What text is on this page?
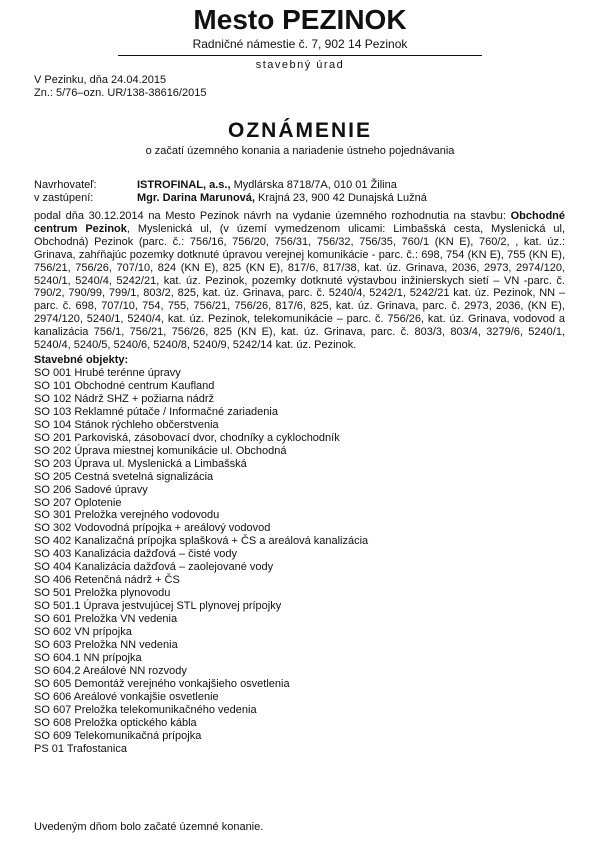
Mesto PEZINOK
Radničné námestie č. 7, 902 14 Pezinok
stavebný úrad
V Pezinku, dňa 24.04.2015
Zn.: 5/76–ozn. UR/138-38616/2015
OZNÁMENIE
o začatí územného konania a nariadenie ústneho pojednávania
Navrhovateľ:	ISTROFINAL, a.s., Mydlárska 8718/7A, 010 01 Žilina
v zastúpení:	Mgr. Darina Marunová, Krajná 23, 900 42 Dunajská Lužná
podal dňa 30.12.2014 na Mesto Pezinok návrh na vydanie územného rozhodnutia na stavbu: Obchodné centrum Pezinok, Myslenická ul, (v území vymedzenom ulicami: Limbašská cesta, Myslenická ul, Obchodná) Pezinok (parc. č.: 756/16, 756/20, 756/31, 756/32, 756/35, 760/1 (KN E), 760/2, , kat. úz.: Grinava, zahŕňajúc pozemky dotknuté úpravou verejnej komunikácie - parc. č.: 698, 754 (KN E), 755 (KN E), 756/21, 756/26, 707/10, 824 (KN E), 825 (KN E), 817/6, 817/38, kat. úz. Grinava, 2036, 2973, 2974/120, 5240/1, 5240/4, 5242/21, kat. úz. Pezinok, pozemky dotknuté výstavbou inžinierskych sietí – VN -parc. č. 790/2, 790/99, 799/1, 803/2, 825, kat. úz. Grinava, parc. č. 5240/4, 5242/1, 5242/21 kat. úz. Pezinok, NN – parc. č. 698, 707/10, 754, 755, 756/21, 756/26, 817/6, 825, kat. úz. Grinava, parc. č. 2973, 2036, (KN E), 2974/120, 5240/1, 5240/4, kat. úz. Pezinok, telekomunikácie – parc. č. 756/26, kat. úz. Grinava, vodovod a kanalizácia 756/1, 756/21, 756/26, 825 (KN E), kat. úz. Grinava, parc. č. 803/3, 803/4, 3279/6, 5240/1, 5240/4, 5240/5, 5240/6, 5240/8, 5240/9, 5242/14 kat. úz. Pezinok.
Stavebné objekty:
SO 001 Hrubé terénne úpravy
SO 101 Obchodné centrum Kaufland
SO 102 Nádrž SHZ + požiarna nádrž
SO 103 Reklamné pútače / Informačné zariadenia
SO 104 Stánok rýchleho občerstvenia
SO 201 Parkoviská, zásobovací dvor, chodníky a cyklochodník
SO 202 Úprava miestnej komunikácie ul. Obchodná
SO 203 Úprava ul. Myslenická a Limbašská
SO 205 Cestná svetelná signalizácia
SO 206 Sadové úpravy
SO 207 Oplotenie
SO 301 Preložka verejného vodovodu
SO 302 Vodovodná prípojka + areálový vodovod
SO 402 Kanalizačná prípojka splašková + ČS a areálová kanalizácia
SO 403 Kanalizácia dažďová – čisté vody
SO 404 Kanalizácia dažďová – zaolejované vody
SO 406 Retenčná nádrž + ČS
SO 501 Preložka plynovodu
SO 501.1 Úprava jestvujúcej STL plynovej prípojky
SO 601 Preložka VN vedenia
SO 602 VN prípojka
SO 603 Preložka NN vedenia
SO 604.1 NN prípojka
SO 604.2 Areálové NN rozvody
SO 605 Demontáž verejného vonkajšieho osvetlenia
SO 606 Areálové vonkajšie osvetlenie
SO 607 Preložka telekomunikačného vedenia
SO 608 Preložka optického kábla
SO 609 Telekomunikačná prípojka
PS 01 Trafostanica
Uvedeným dňom bolo začaté územné konanie.
